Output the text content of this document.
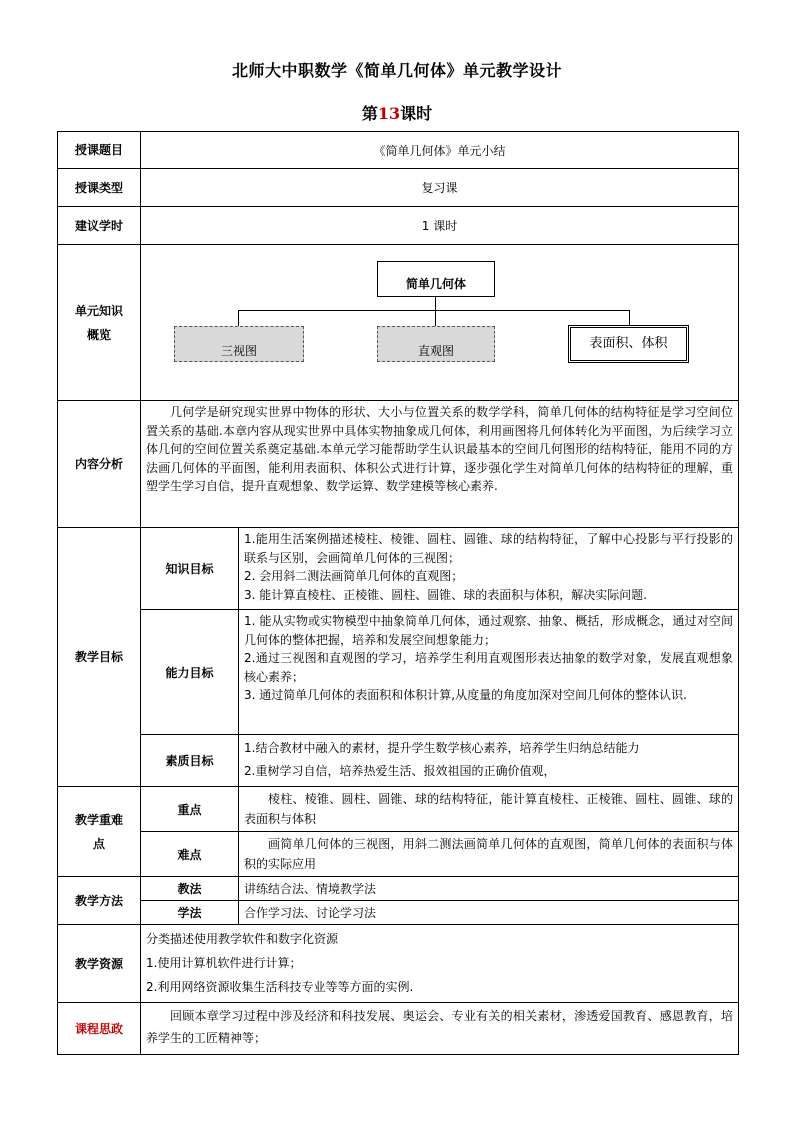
北师大中职数学《简单几何体》单元教学设计
第13课时
授课题目	《简单几何体》单元小结	
授课类型	复习课	
建议学时	1 课时	

单元知识概览	简单几何体
三视图 直观图 表面积、体积	

内容分析	几何学是研究现实世界中物体的形状、大小与位置关系的数学学科，简单几何体的结构特征是学习空间位置关系的基础.本章内容从现实世界中具体实物抽象成几何体，利用画图将几何体转化为平面图，为后续学习立体几何的空间位置关系奠定基础.本单元学习能帮助学生认识最基本的空间几何图形的结构特征，能用不同的方法画几何体的平面图，能利用表面积、体积公式进行计算，逐步强化学生对简单几何体的结构特征的理解，重塑学生学习自信，提升直观想象、数学运算、数学建模等核心素养.	

教学目标	知识目标	1.能用生活案例描述棱柱、棱锥、圆柱、圆锥、球的结构特征，了解中心投影与平行投影的联系与区别，会画简单几何体的三视图；

2. 会用斜二测法画简单几何体的直观图；

3. 能计算直棱柱、正棱锥、圆柱、圆锥、球的表面积与体积，解决实际问题.

	能力目标	1. 能从实物或实物模型中抽象简单几何体，通过观察、抽象、概括，形成概念，通过对空间几何体的整体把握，培养和发展空间想象能力；

2.通过三视图和直观图的学习，培养学生利用直观图形表达抽象的数学对象，发展直观想象核心素养；

3. 通过简单几何体的表面积和体积计算,从度量的角度加深对空间几何体的整体认识.

	素质目标	1.结合教材中融入的素材，提升学生数学核心素养，培养学生归纳总结能力

2.重树学习自信，培养热爱生活、报效祖国的正确价值观，

教学重难点	重点	棱柱、棱锥、圆柱、圆锥、球的结构特征，能计算直棱柱、正棱锥、圆柱、圆锥、球的表面积与体积

	难点	画简单几何体的三视图，用斜二测法画简单几何体的直观图，简单几何体的表面积与体积的实际应用

教学方法	教法	讲练结合法、情境教学法
	学法	合作学习法、讨论学习法
教学资源	分类描述使用教学软件和数字化资源

1.使用计算机软件进行计算；

2.利用网络资源收集生活科技专业等等方面的实例.	

课程思政	回顾本章学习过程中涉及经济和科技发展、奥运会、专业有关的相关素材，渗透爱国教育、感恩教育，培养学生的工匠精神等；	
